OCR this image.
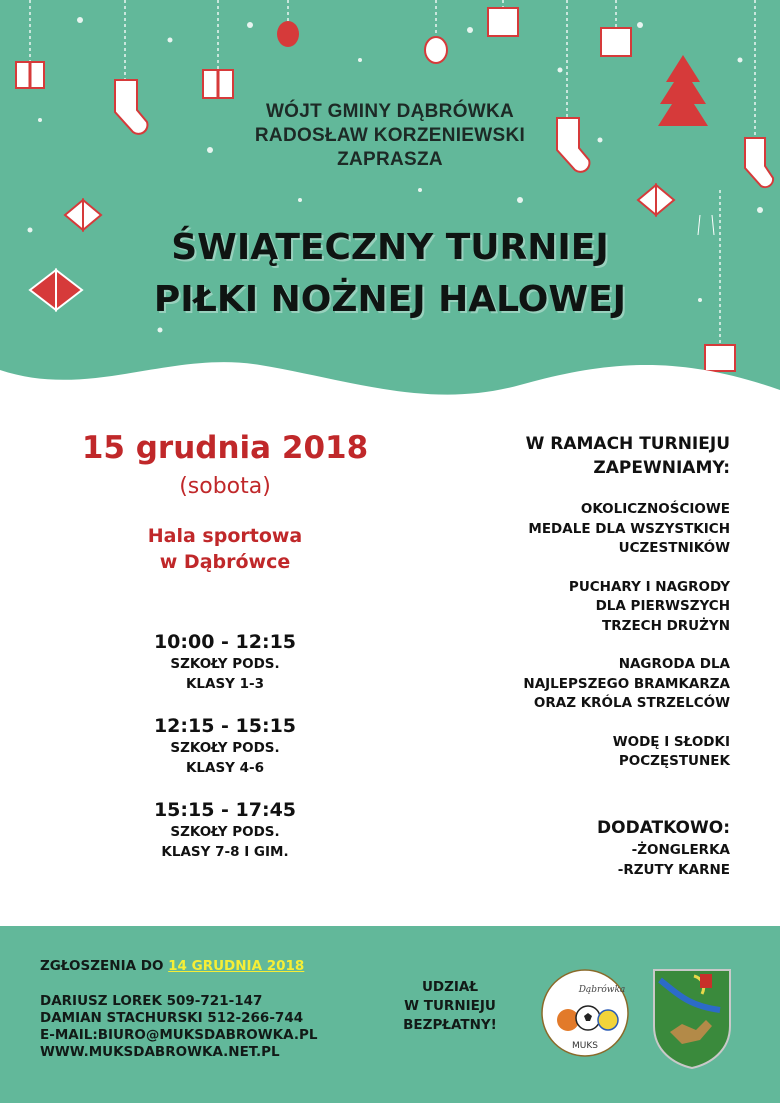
WÓJT GMINY DĄBRÓWKA
RADOSŁAW KORZENIEWSKI
ZAPRASZA
ŚWIĄTECZNY TURNIEJ
PIŁKI NOŻNEJ HALOWEJ
15 grudnia 2018
(sobota)
Hala sportowa
w Dąbrówce
10:00 - 12:15
SZKOŁY PODS.
KLASY 1-3
12:15 - 15:15
SZKOŁY PODS.
KLASY 4-6
15:15 - 17:45
SZKOŁY PODS.
KLASY 7-8 I GIM.
W RAMACH TURNIEJU
ZAPEWNIAMY:
OKOLICZNOŚCIOWE
MEDALE DLA WSZYSTKICH
UCZESTNIKÓW
PUCHARY I NAGRODY
DLA PIERWSZYCH
TRZECH DRUŻYN
NAGRODA DLA
NAJLEPSZEGO BRAMKARZA
ORAZ KRÓLA STRZELCÓW
WODĘ I SŁODKI
POCZĘSTUNEK
DODATKOWO:
-ŻONGLERKA
-RZUTY KARNE
ZGŁOSZENIA DO 14 GRUDNIA 2018
DARIUSZ LOREK 509-721-147
DAMIAN STACHURSKI 512-266-744
E-MAIL:BIURO@MUKSDABROWKA.PL
WWW.MUKSDABROWKA.NET.PL
UDZIAŁ
W TURNIEJU
BEZPŁATNY!
Dąbrówka
MUKS
